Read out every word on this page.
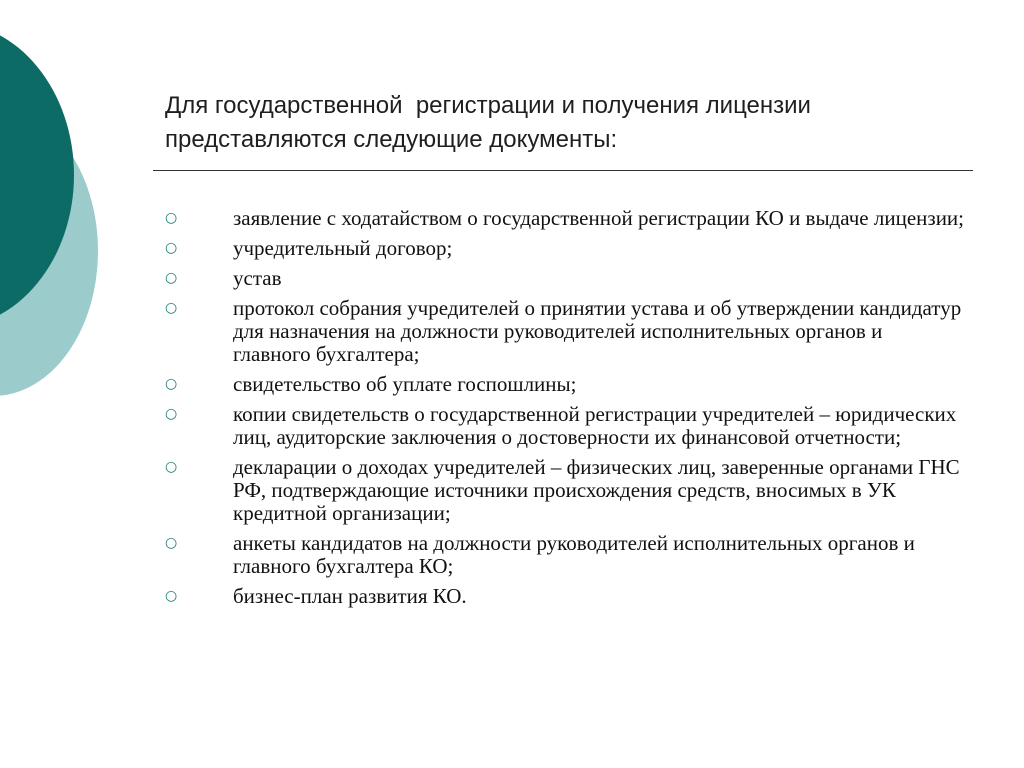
Для государственной  регистрации и получения лицензии
представляются следующие документы:
○	заявление с ходатайством о государственной регистрации КО и выдаче лицензии;
○	учредительный договор;
○	устав
○	протокол собрания учредителей о принятии устава и об утверждении кандидатур для назначения на должности руководителей исполнительных органов и главного бухгалтера;
○	свидетельство об уплате госпошлины;
○	копии свидетельств о государственной регистрации учредителей – юридических лиц, аудиторские заключения о достоверности их финансовой отчетности;
○	декларации о доходах учредителей – физических лиц, заверенные органами ГНС РФ, подтверждающие источники происхождения средств, вносимых в УК кредитной организации;
○	анкеты кандидатов на должности руководителей исполнительных органов и главного бухгалтера КО;
○	бизнес-план развития КО.
